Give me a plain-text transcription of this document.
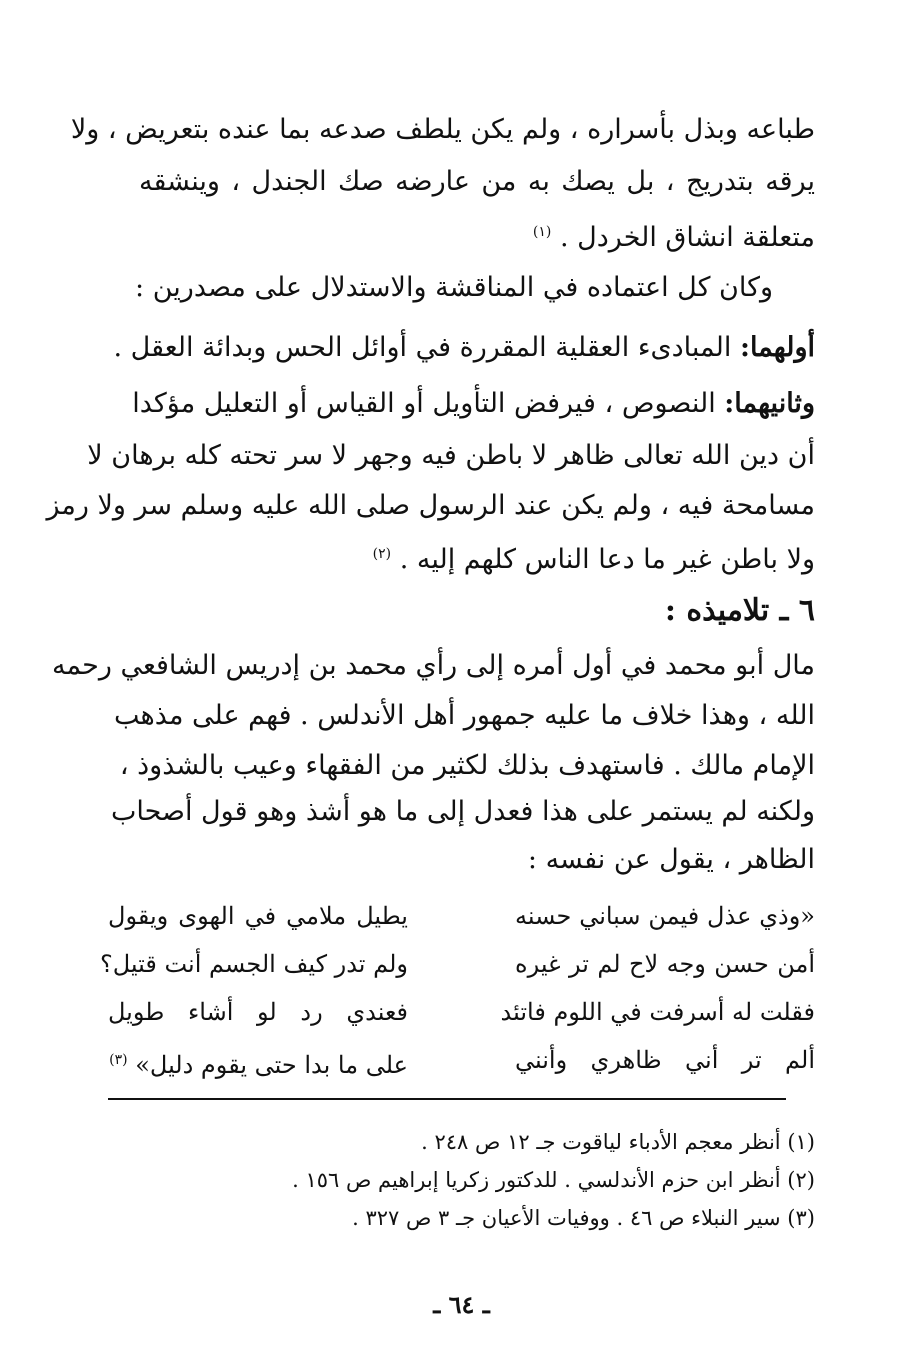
طباعه وبذل بأسراره ، ولم يكن يلطف صدعه بما عنده بتعريض ، ولا
يرقه بتدريج ، بل يصك به من عارضه صك الجندل ، وينشقه
متعلقة انشاق الخردل . $^{(١)}$
وكان كل اعتماده في المناقشة والاستدلال على مصدرين :
أولهما: المبادىء العقلية المقررة في أوائل الحس وبدائة العقل .
وثانيهما: النصوص ، فيرفض التأويل أو القياس أو التعليل مؤكدا
أن دين الله تعالى ظاهر لا باطن فيه وجهر لا سر تحته كله برهان لا
مسامحة فيه ، ولم يكن عند الرسول صلى الله عليه وسلم سر ولا رمز
ولا باطن غير ما دعا الناس كلهم إليه . $^{(٢)}$
٦ ـ تلاميذه :
مال أبو محمد في أول أمره إلى رأي محمد بن إدريس الشافعي رحمه
الله ، وهذا خلاف ما عليه جمهور أهل الأندلس . فهم على مذهب
الإمام مالك . فاستهدف بذلك لكثير من الفقهاء وعيب بالشذوذ ،
ولكنه لم يستمر على هذا فعدل إلى ما هو أشذ وهو قول أصحاب
الظاهر ، يقول عن نفسه :
«وذي عذل فيمن سباني حسنه
يطيل ملامي في الهوى ويقول
أمن حسن وجه لاح لم تر غيره
ولم تدر كيف الجسم أنت قتيل؟
فقلت له أسرفت في اللوم فاتئد
فعندي رد لو أشاء طويل
ألم تر أني ظاهري وأنني
على ما بدا حتى يقوم دليل» $^{(٣)}$
(١) أنظر معجم الأدباء لياقوت جـ ١٢ ص ٢٤٨ .
(٢) أنظر ابن حزم الأندلسي . للدكتور زكريا إبراهيم ص ١٥٦ .
(٣) سير النبلاء ص ٤٦ . ووفيات الأعيان جـ ٣ ص ٣٢٧ .
ـ ٦٤ ـ
